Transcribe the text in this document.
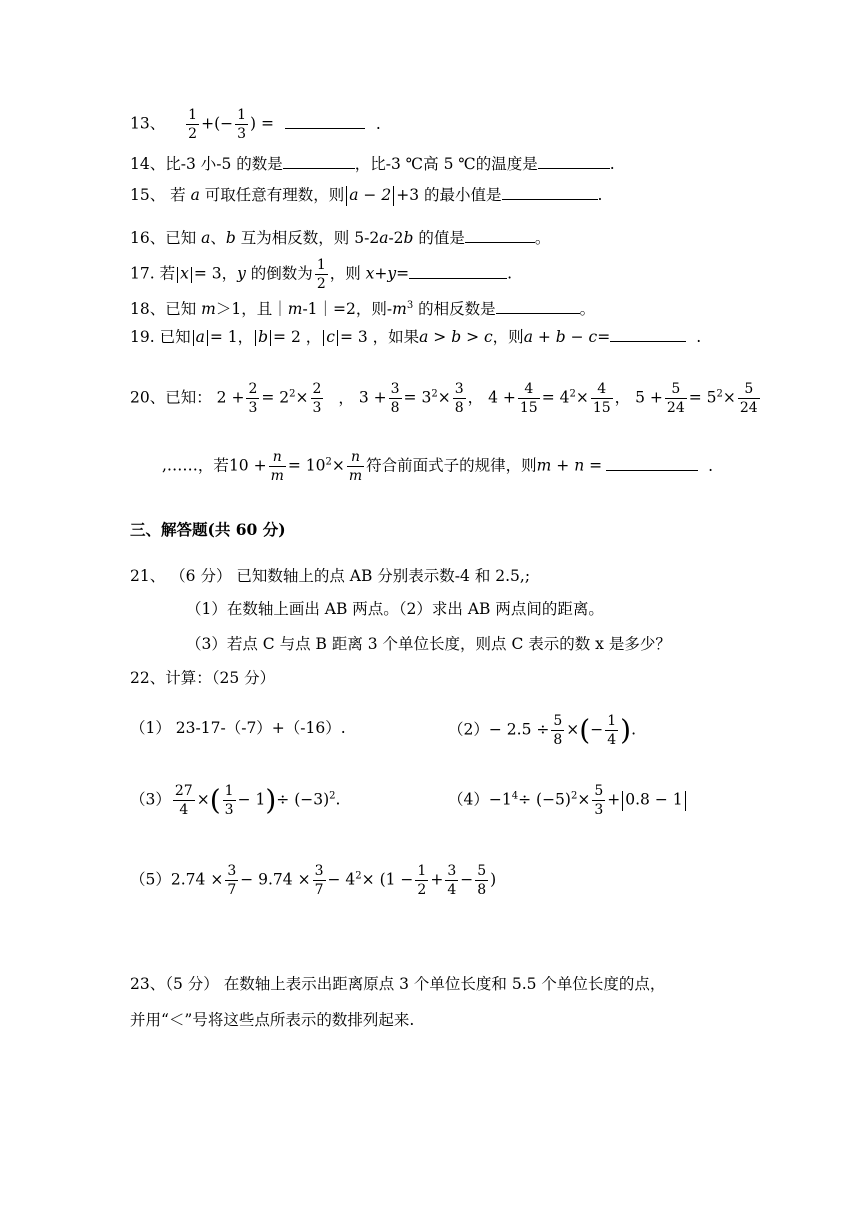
13、 $\frac{1}{2}$ +(− $\frac{1}{3}$ ) =	.
14、比-3 小-5 的数是	，比-3 ℃高 5 ℃的温度是	.
15、 若 a 可取任意有理数，则 a − 2 +3 的最小值是	.
16、已知 a、b 互为相反数，则 5-2a-2b 的值是	。
17. 若 x = 3，y 的倒数为 $\frac{1}{2}$ ，则 x+y=	.
18、已知 m＞1，且｜m-1｜=2，则$-m^3$ 的相反数是	。
19. 已知 a = 1， b = 2 ， c = 3 ，如果a > b > c，则a + b − c=	.
20、已知： $2 + \frac{2}{3} = 2^2\times \frac{2}{3}$ ， $3 + \frac{3}{8} = 3^2\times \frac{3}{8}$ ， $4 + \frac{4}{15} = 4^2\times \frac{4}{15}$ ， $5 + \frac{5}{24} = 5^2\times \frac{5}{24}$
,……，若$10 + \frac{n}{m} = 10^2\times \frac{n}{m}$ 符合前面式子的规律，则m + n =	.
三、解答题(共 60 分)
21、 （6 分） 已知数轴上的点 AB 分别表示数-4 和 2.5,;
（1）在数轴上画出 AB 两点。（2）求出 AB 两点间的距离。
（3）若点 C 与点 B 距离 3 个单位长度，则点 C 表示的数 x 是多少？
22、计算：（25 分）
（1） 23-17-（-7）+（-16）.	$(2)- 2.5 \div \frac{5}{8}$ ×(− $\frac{1}{4}$ ).
$(3) \frac{27}{4}$ ×( $\frac{1}{3} - 1)\div (-3)^2$.	$(4)-1^4\div (-5)^2\times \frac{5}{3} + 0.8 - 1$
$(5)2.74 \times \frac{3}{7} - 9.74 \times \frac{3}{7} - 4^2\times (1 - \frac{1}{2} + \frac{3}{4} - \frac{5}{8}$ )
23、（5 分） 在数轴上表示出距离原点 3 个单位长度和 5.5 个单位长度的点，
并用“＜”号将这些点所表示的数排列起来.
